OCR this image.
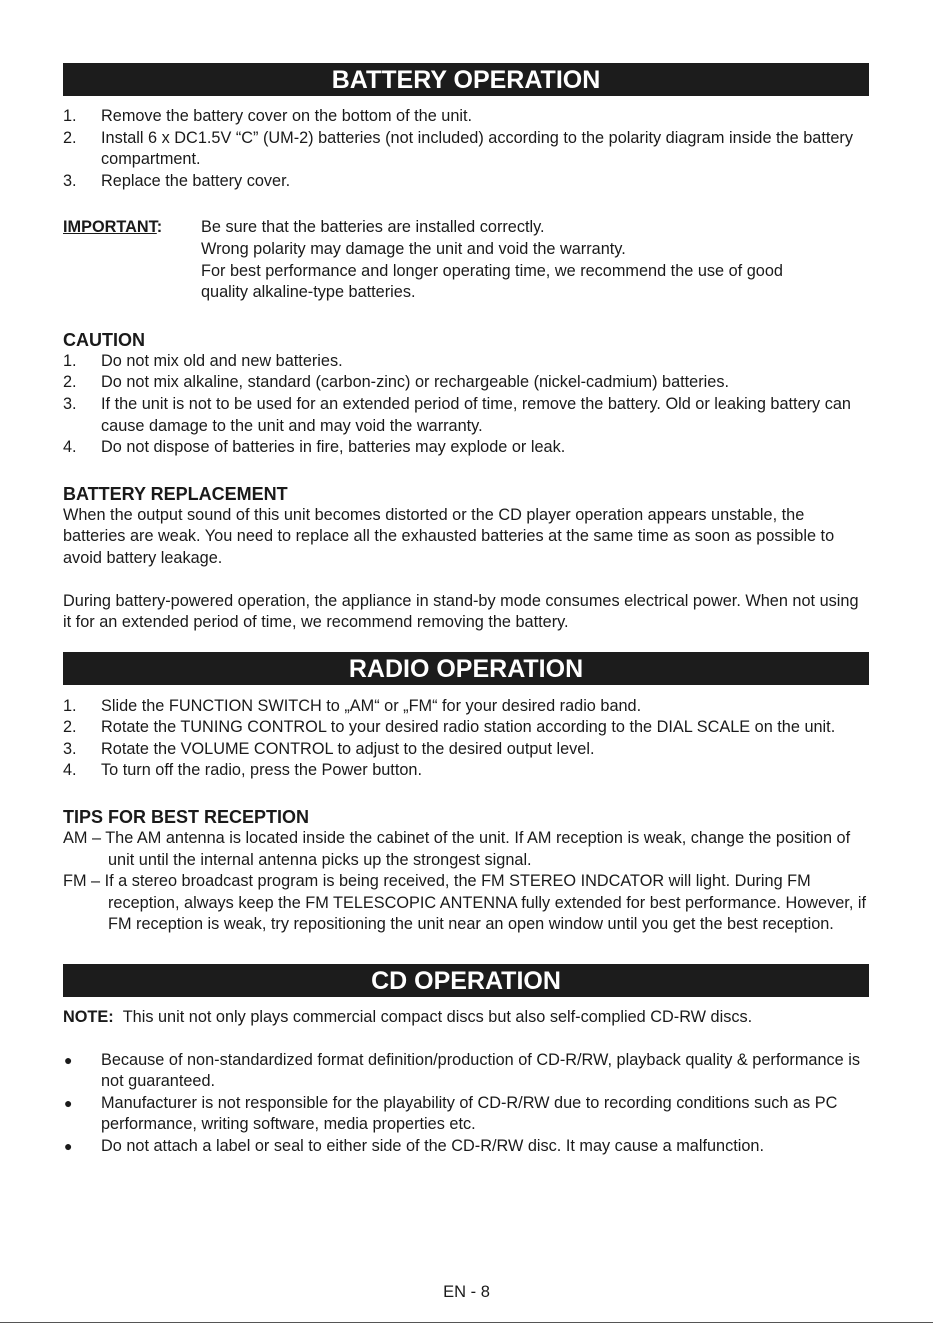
BATTERY OPERATION
1. Remove the battery cover on the bottom of the unit.
2. Install 6 x DC1.5V “C” (UM-2) batteries (not included) according to the polarity diagram inside the battery compartment.
3. Replace the battery cover.
IMPORTANT:	Be sure that the batteries are installed correctly.
Wrong polarity may damage the unit and void the warranty.
For best performance and longer operating time, we recommend the use of good
quality alkaline-type batteries.
CAUTION
1. Do not mix old and new batteries.
2. Do not mix alkaline, standard (carbon-zinc) or rechargeable (nickel-cadmium) batteries.
3. If the unit is not to be used for an extended period of time, remove the battery. Old or leaking battery can cause damage to the unit and may void the warranty.
4. Do not dispose of batteries in fire, batteries may explode or leak.
BATTERY REPLACEMENT
When the output sound of this unit becomes distorted or the CD player operation appears unstable, the batteries are weak. You need to replace all the exhausted batteries at the same time as soon as possible to avoid battery leakage.
During battery-powered operation, the appliance in stand-by mode consumes electrical power. When not using it for an extended period of time, we recommend removing the battery.
RADIO OPERATION
1. Slide the FUNCTION SWITCH to „AM“ or „FM“ for your desired radio band.
2. Rotate the TUNING CONTROL to your desired radio station according to the DIAL SCALE on the unit.
3. Rotate the VOLUME CONTROL to adjust to the desired output level.
4. To turn off the radio, press the Power button.
TIPS FOR BEST RECEPTION
AM – The AM antenna is located inside the cabinet of the unit. If AM reception is weak, change the position of unit until the internal antenna picks up the strongest signal.
FM – If a stereo broadcast program is being received, the FM STEREO INDCATOR will light. During FM reception, always keep the FM TELESCOPIC ANTENNA fully extended for best performance. However, if FM reception is weak, try repositioning the unit near an open window until you get the best reception.
CD OPERATION
NOTE: This unit not only plays commercial compact discs but also self-complied CD-RW discs.
● Because of non-standardized format definition/production of CD-R/RW, playback quality & performance is not guaranteed.
● Manufacturer is not responsible for the playability of CD-R/RW due to recording conditions such as PC performance, writing software, media properties etc.
● Do not attach a label or seal to either side of the CD-R/RW disc. It may cause a malfunction.
EN - 8
